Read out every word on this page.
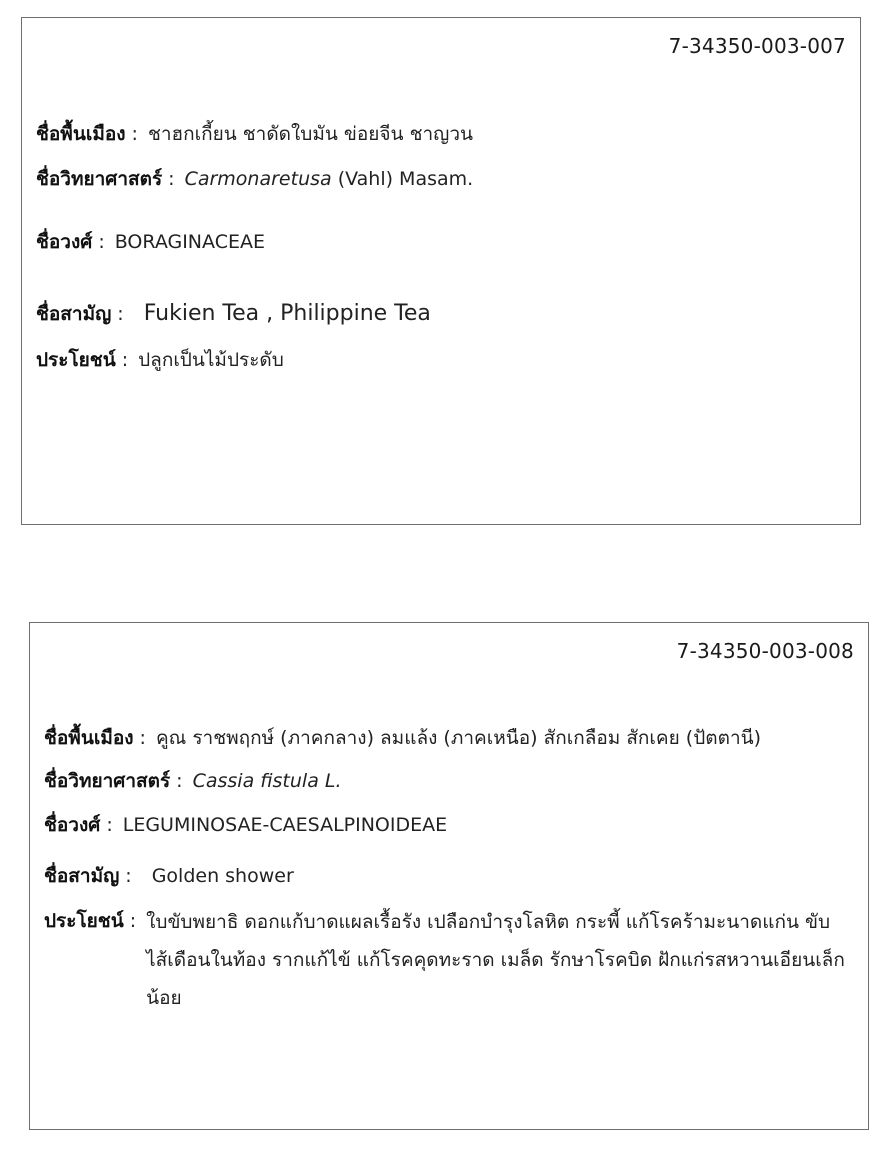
7-34350-003-007
ชื่อพื้นเมือง : ชาฮกเกี้ยน ชาดัดใบมัน ข่อยจีน ชาญวน
ชื่อวิทยาศาสตร์ : Carmonaretusa (Vahl) Masam.
ชื่อวงศ์ : BORAGINACEAE
ชื่อสามัญ : Fukien Tea , Philippine Tea
ประโยชน์ : ปลูกเป็นไม้ประดับ
7-34350-003-008
ชื่อพื้นเมือง : คูณ ราชพฤกษ์ (ภาคกลาง) ลมแล้ง (ภาคเหนือ) สักเกลือม สักเคย (ปัตตานี)
ชื่อวิทยาศาสตร์ : Cassia fistula L.
ชื่อวงศ์ : LEGUMINOSAE-CAESALPINOIDEAE
ชื่อสามัญ : Golden shower
ประโยชน์ : ใบขับพยาธิ ดอกแก้บาดแผลเรื้อรัง เปลือกบำรุงโลหิต กระพี้ แก้โรคร้ามะนาดแก่น ขับไส้เดือนในท้อง รากแก้ไข้ แก้โรคคุดทะราด เมล็ด รักษาโรคบิด ฝักแก่รสหวานเอียนเล็กน้อย
